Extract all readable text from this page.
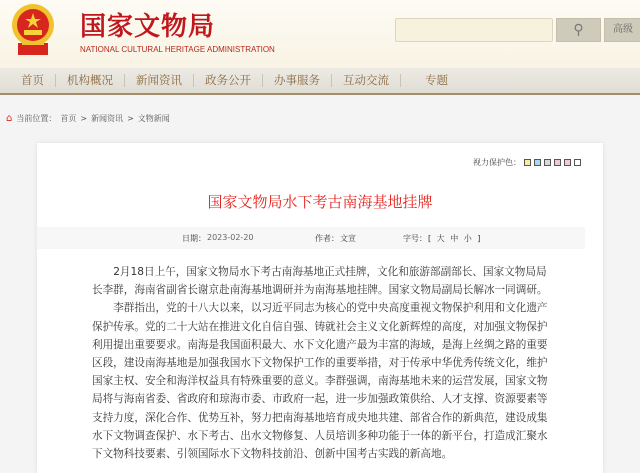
国家文物局
NATIONAL CULTURAL HERITAGE ADMINISTRATION
⚲	高级
首页	机构概况	新闻资讯	政务公开	办事服务	互动交流	专题
⌂ 当前位置： 首页 > 新闻资讯 > 文物新闻
视力保护色：
国家文物局水下考古南海基地挂牌
日期： 2023-02-20	作者： 文宣	字号： [ 大 中 小 ]

2月18日上午，国家文物局水下考古南海基地正式挂牌，文化和旅游部副部长、国家文物局局长李群，海南省副省长谢京赴南海基地调研并为南海基地挂牌。国家文物局副局长解冰一同调研。

李群指出，党的十八大以来，以习近平同志为核心的党中央高度重视文物保护利用和文化遗产保护传承。党的二十大站在推进文化自信自强、铸就社会主义文化新辉煌的高度，对加强文物保护利用提出重要要求。南海是我国面积最大、水下文化遗产最为丰富的海域，是海上丝绸之路的重要区段，建设南海基地是加强我国水下文物保护工作的重要举措，对于传承中华优秀传统文化，维护国家主权、安全和海洋权益具有特殊重要的意义。李群强调，南海基地未来的运营发展，国家文物局将与海南省委、省政府和琼海市委、市政府一起，进一步加强政策供给、人才支撑、资源要素等支持力度，深化合作、优势互补，努力把南海基地培育成央地共建、部省合作的新典范，建设成集水下文物调查保护、水下考古、出水文物修复、人员培训多种功能于一体的新平台，打造成汇聚水下文物科技要素、引领国际水下文物科技前沿、创新中国考古实践的新高地。
